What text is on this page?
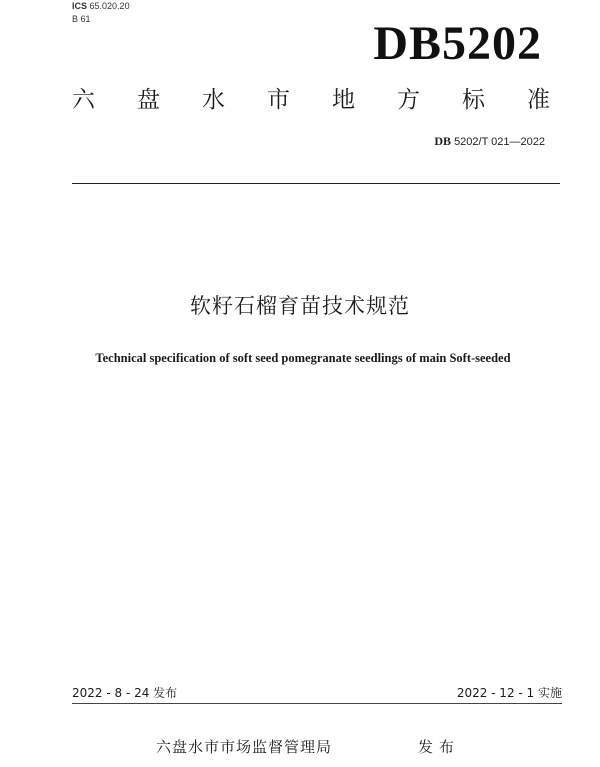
ICS 65.020.20
B 61	DB5202
六 盘 水 市 地 方 标 准
DB 5202/T 021—2022
软籽石榴育苗技术规范
Technical specification of soft seed pomegranate seedlings of main Soft-seeded
2022 - 8 - 24 发布	2022 - 12 - 1 实施
六盘水市市场监督管理局	发布
